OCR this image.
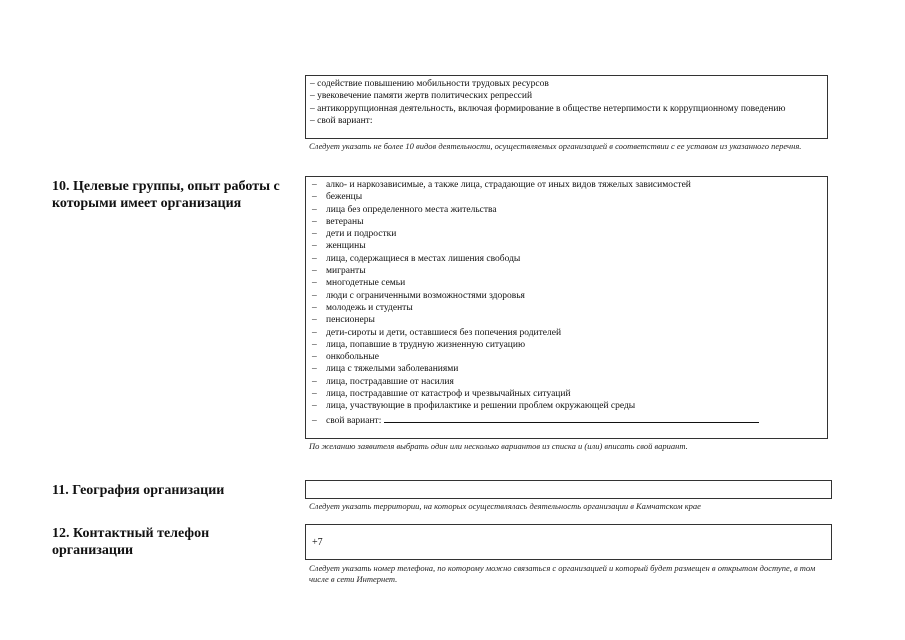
– содействие повышению мобильности трудовых ресурсов
– увековечение памяти жертв политических репрессий
– антикоррупционная деятельность, включая формирование в обществе нетерпимости к коррупционному поведению
– свой вариант:
Следует указать не более 10 видов деятельности, осуществляемых организацией в соответствии с ее уставом из указанного перечня.
10. Целевые группы, опыт работы с которыми имеет организация
– алко- и наркозависимые, а также лица, страдающие от иных видов тяжелых зависимостей
– беженцы
– лица без определенного места жительства
– ветераны
– дети и подростки
– женщины
– лица, содержащиеся в местах лишения свободы
– мигранты
– многодетные семьи
– люди с ограниченными возможностями здоровья
– молодежь и студенты
– пенсионеры
– дети-сироты и дети, оставшиеся без попечения родителей
– лица, попавшие в трудную жизненную ситуацию
– онкобольные
– лица с тяжелыми заболеваниями
– лица, пострадавшие от насилия
– лица, пострадавшие от катастроф и чрезвычайных ситуаций
– лица, участвующие в профилактике и решении проблем окружающей среды
– свой вариант:
По желанию заявителя выбрать один или несколько вариантов из списка и (или) вписать свой вариант.
11. География организации
Следует указать территории, на которых осуществлялась деятельность организации в Камчатском крае
12. Контактный телефон организации
+7
Следует указать номер телефона, по которому можно связаться с организацией и который будет размещен в открытом доступе, в том числе в сети Интернет.
